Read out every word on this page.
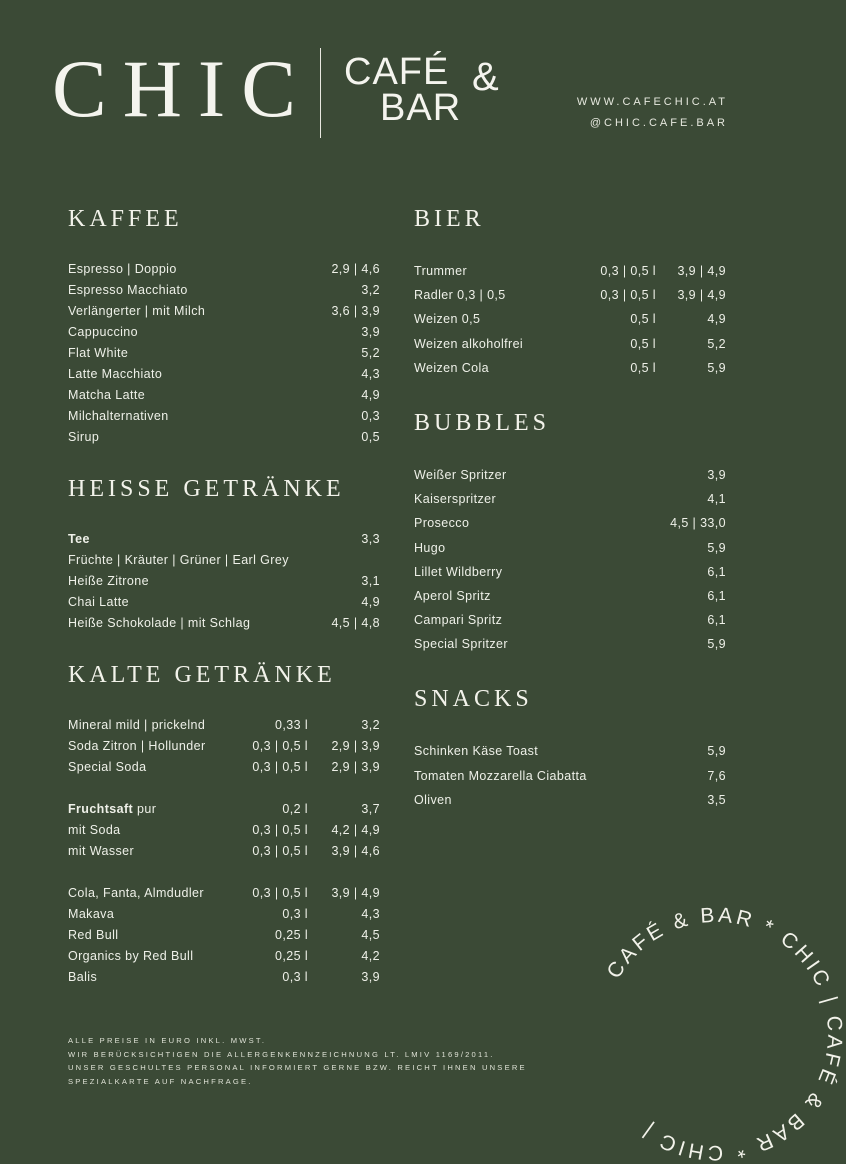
CHIC CAFÉ &
BAR	WWW.CAFECHIC.AT
@CHIC.CAFE.BAR
KAFFEE
Espresso | Doppio	2,9 | 4,6
Espresso Macchiato	3,2
Verlängerter | mit Milch	3,6 | 3,9
Cappuccino	3,9
Flat White	5,2
Latte Macchiato	4,3
Matcha Latte	4,9
Milchalternativen	0,3
Sirup	0,5
HEISSE GETRÄNKE
Tee	3,3
Früchte | Kräuter | Grüner | Earl Grey
Heiße Zitrone	3,1
Chai Latte	4,9
Heiße Schokolade | mit Schlag	4,5 | 4,8
KALTE GETRÄNKE
Mineral mild | prickelnd	0,33 l	3,2
Soda Zitron | Hollunder	0,3 | 0,5 l 2,9 | 3,9
Special Soda	0,3 | 0,5 l 2,9 | 3,9
Fruchtsaft pur	0,2 l	3,7
mit Soda	0,3 | 0,5 l 4,2 | 4,9
mit Wasser	0,3 | 0,5 l 3,9 | 4,6
Cola, Fanta, Almdudler	0,3 | 0,5 l 3,9 | 4,9
Makava	0,3 l	4,3
Red Bull	0,25 l	4,5
Organics by Red Bull	0,25 l	4,2
Balis	0,3 l	3,9
BIER
Trummer	0,3 | 0,5 l 3,9 | 4,9
Radler 0,3 | 0,5	0,3 | 0,5 l 3,9 | 4,9
Weizen 0,5	0,5 l	4,9
Weizen alkoholfrei	0,5 l	5,2
Weizen Cola	0,5 l	5,9
BUBBLES
Weißer Spritzer	3,9
Kaiserspritzer	4,1
Prosecco	4,5 | 33,0
Hugo	5,9
Lillet Wildberry	6,1
Aperol Spritz	6,1
Campari Spritz	6,1
Special Spritzer	5,9
SNACKS
Schinken Käse Toast	5,9
Tomaten Mozzarella Ciabatta	7,6
Oliven	3,5
ALLE PREISE IN EURO INKL. MWST.
WIR BERÜCKSICHTIGEN DIE ALLERGENKENNZEICHNUNG LT. LMIV 1169/2011.
UNSER GESCHULTES PERSONAL INFORMIERT GERNE BZW. REICHT IHNEN UNSERE
SPEZIALKARTE AUF NACHFRAGE.
CAFÉ & BAR * CHIC | CAFÉ & BAR * CHIC |
